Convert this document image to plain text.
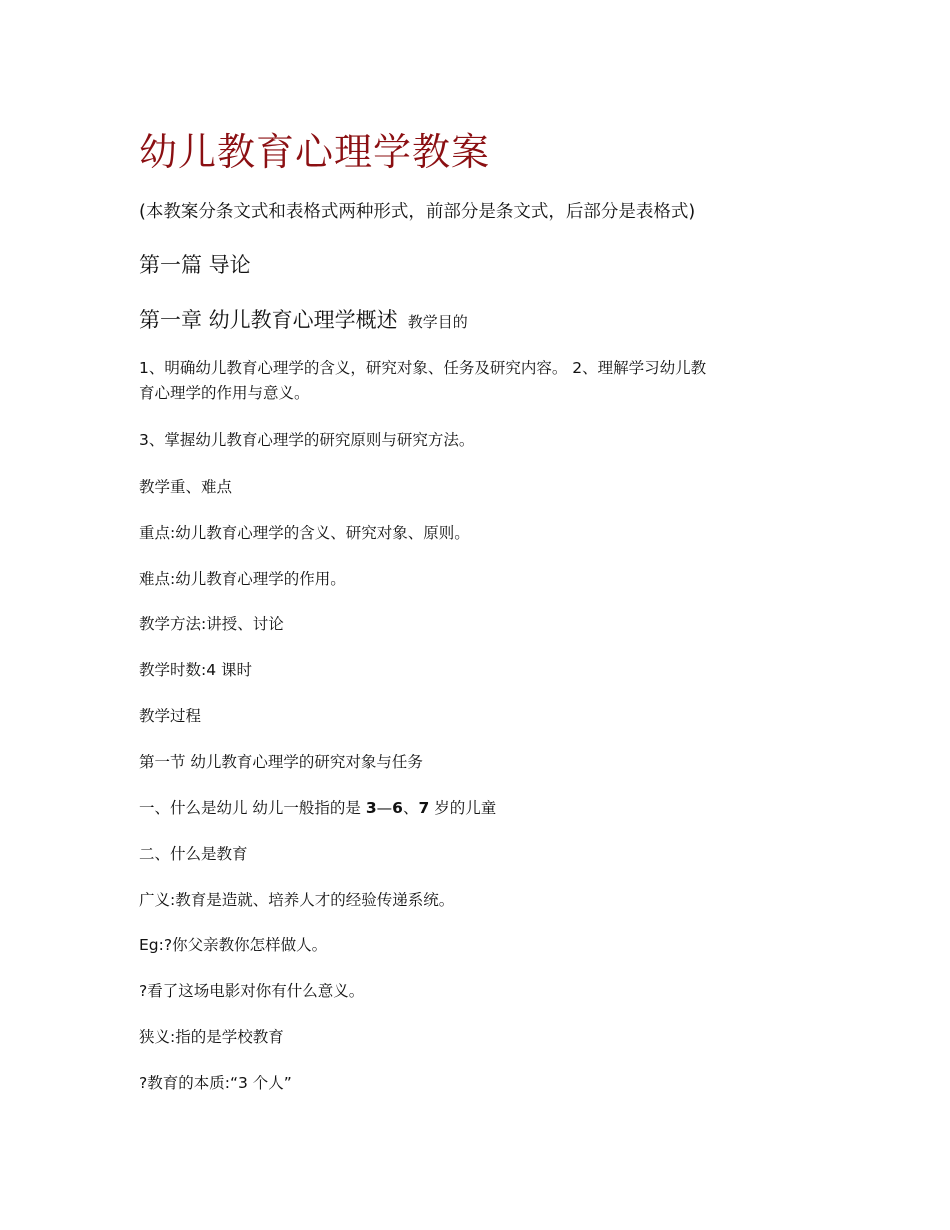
幼儿教育心理学教案
(本教案分条文式和表格式两种形式，前部分是条文式，后部分是表格式)
第一篇 导论
第一章 幼儿教育心理学概述 教学目的
1、明确幼儿教育心理学的含义，研究对象、任务及研究内容。 2、理解学习幼儿教
育心理学的作用与意义。
3、掌握幼儿教育心理学的研究原则与研究方法。
教学重、难点
重点:幼儿教育心理学的含义、研究对象、原则。
难点:幼儿教育心理学的作用。
教学方法:讲授、讨论
教学时数:4 课时
教学过程
第一节 幼儿教育心理学的研究对象与任务
一、什么是幼儿 幼儿一般指的是 3—6、7 岁的儿童
二、什么是教育
广义:教育是造就、培养人才的经验传递系统。
Eg:?你父亲教你怎样做人。
?看了这场电影对你有什么意义。
狭义:指的是学校教育
?教育的本质:“3 个人”
